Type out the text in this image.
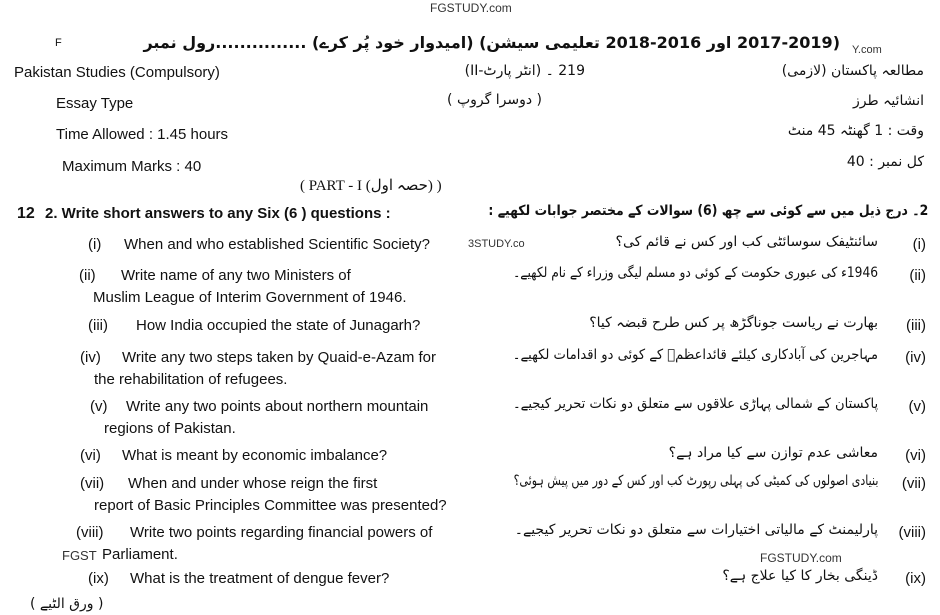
FGSTUDY.com
F	(2017-2019 اور 2016-2018 تعلیمی سیشن) (امیدوار خود پُر کرے) ...............رول نمبر Y.com
Pakistan Studies (Compulsory)	219 ۔ (انٹر پارٹ-II)	مطالعہ پاکستان (لازمی)
Essay Type	( دوسرا گروپ )	انشائیہ طرز
Time Allowed : 1.45 hours	وقت : 1 گھنٹہ 45 منٹ
Maximum Marks : 40	کل نمبر : 40
( PART - I (حصہ اول) )
12 2. Write short answers to any Six (6 ) questions :	2۔ درج ذیل میں سے کوئی سے چھ (6) سوالات کے مختصر جوابات لکھیے :
(i) When and who established Scientific Society?	سائنٹیفک سوسائٹی کب اور کس نے قائم کی؟ (i)
(ii) Write name of any two Ministers of
Muslim League of Interim Government of 1946.
1946ء کی عبوری حکومت کے کوئی دو مسلم لیگی وزراء کے نام لکھیے۔ (ii)
(iii) How India occupied the state of Junagarh?	بھارت نے ریاست جوناگڑھ پر کس طرح قبضہ کیا؟ (iii)
(iv) Write any two steps taken by Quaid-e-Azam for
the rehabilitation of refugees.
مہاجرین کی آبادکاری کیلئے قائداعظمؒ کے کوئی دو اقدامات لکھیے۔ (iv)
(v) Write any two points about northern mountain
regions of Pakistan.
پاکستان کے شمالی پہاڑی علاقوں سے متعلق دو نکات تحریر کیجیے۔ (v)
(vi) What is meant by economic imbalance?	معاشی عدم توازن سے کیا مراد ہے؟ (vi)
(vii) When and under whose reign the first
report of Basic Principles Committee was presented?
بنیادی اصولوں کی کمیٹی کی پہلی رپورٹ کب اور کس کے دور میں پیش ہوئی؟ (vii)
(viii) Write two points regarding financial powers of
Parliament.
پارلیمنٹ کے مالیاتی اختیارات سے متعلق دو نکات تحریر کیجیے۔ (viii)
(ix) What is the treatment of dengue fever?	ڈینگی بخار کا کیا علاج ہے؟ (ix)
3STUDY.co
FGST	FGSTUDY.com
( ورق الٹیے )
